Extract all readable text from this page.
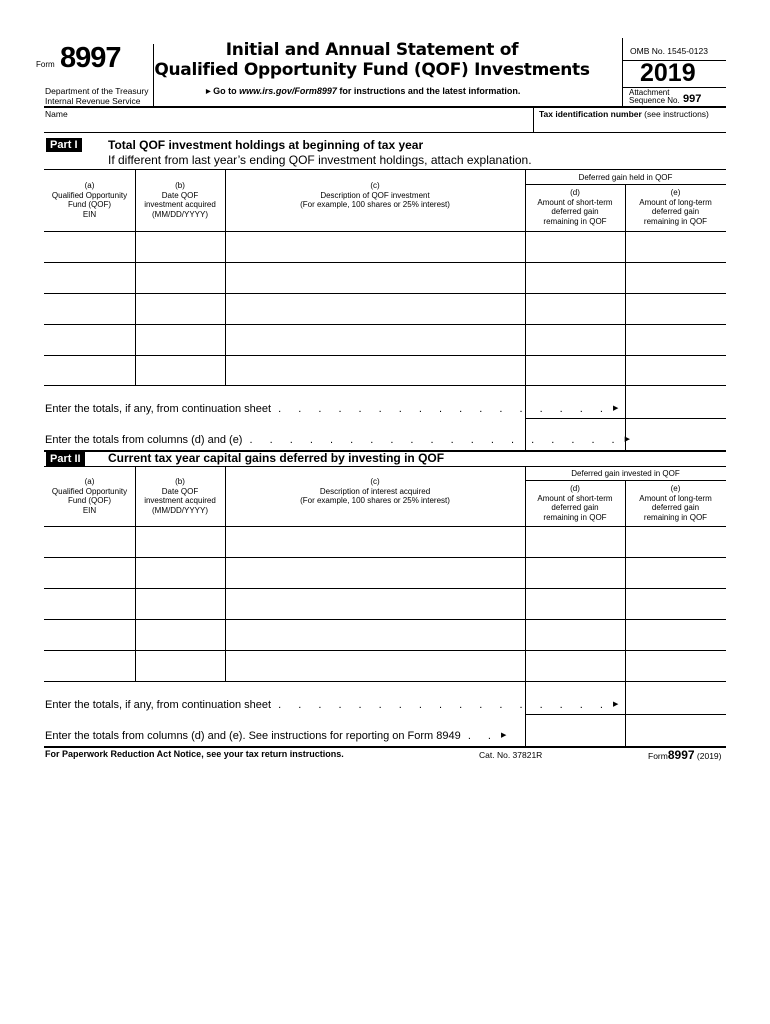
Form 8997
Department of the Treasury
Internal Revenue Service
Initial and Annual Statement of
Qualified Opportunity Fund (QOF) Investments
▶ Go to www.irs.gov/Form8997 for instructions and the latest information.
OMB No. 1545-0123
2019
Attachment
Sequence No. 997
Name	Tax identification number (see instructions)
Part I	Total QOF investment holdings at beginning of tax year
If different from last year’s ending QOF investment holdings, attach explanation.
Deferred gain held in QOF
(a)
Qualified Opportunity
Fund (QOF)
EIN
(b)
Date QOF
investment acquired
(MM/DD/YYYY)
(c)
Description of QOF investment
(For example, 100 shares or 25% interest)
(d)
Amount of short-term
deferred gain
remaining in QOF
(e)
Amount of long-term
deferred gain
remaining in QOF
Enter the totals, if any, from continuation sheet . . . . . . . . . . . . . . . . . ▶
Enter the totals from columns (d) and (e) . . . . . . . . . . . . . . . . . . . ▶
Part II	Current tax year capital gains deferred by investing in QOF
Deferred gain invested in QOF
(a)
Qualified Opportunity
Fund (QOF)
EIN
(b)
Date QOF
investment acquired
(MM/DD/YYYY)
(c)
Description of interest acquired
(For example, 100 shares or 25% interest)
(d)
Amount of short-term
deferred gain
remaining in QOF
(e)
Amount of long-term
deferred gain
remaining in QOF
Enter the totals, if any, from continuation sheet . . . . . . . . . . . . . . . . . ▶
Enter the totals from columns (d) and (e). See instructions for reporting on Form 8949 . . ▶
For Paperwork Reduction Act Notice, see your tax return instructions.	Cat. No. 37821R	Form8997 (2019)
